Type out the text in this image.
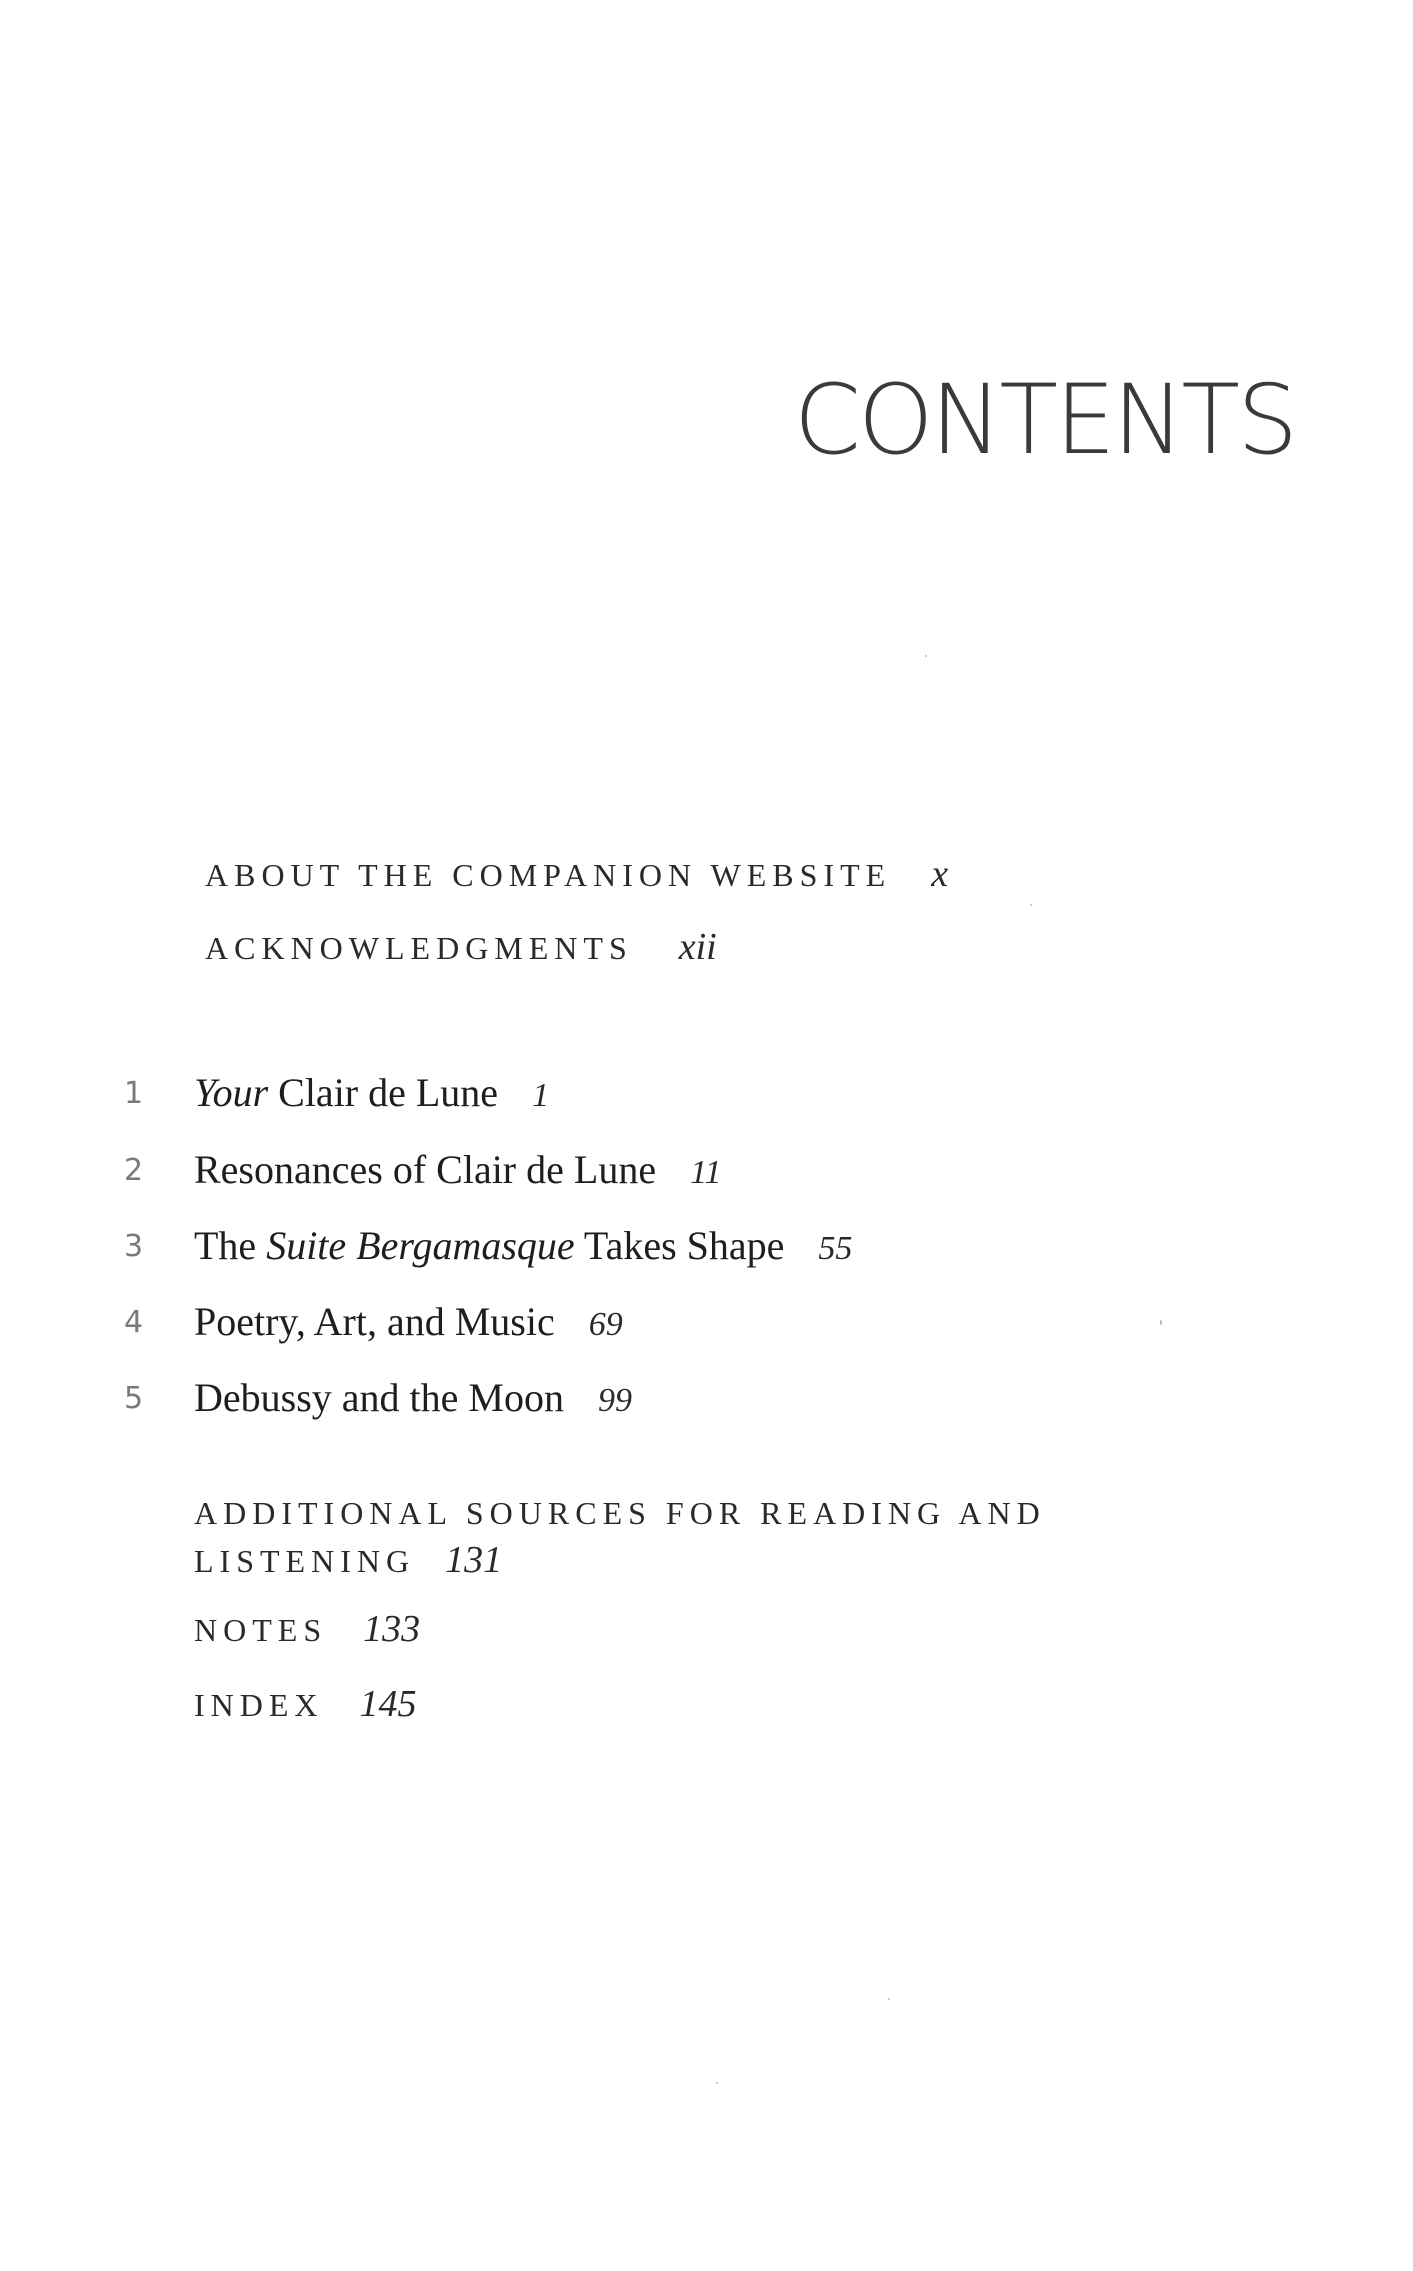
CONTENTS
ABOUT THE COMPANION WEBSITE x
ACKNOWLEDGMENTS xii
1 Your Clair de Lune 1
2 Resonances of Clair de Lune 11
3 The Suite Bergamasque Takes Shape 55
4 Poetry, Art, and Music 69
5 Debussy and the Moon 99
ADDITIONAL SOURCES FOR READING AND LISTENING 131
NOTES 133
INDEX 145
